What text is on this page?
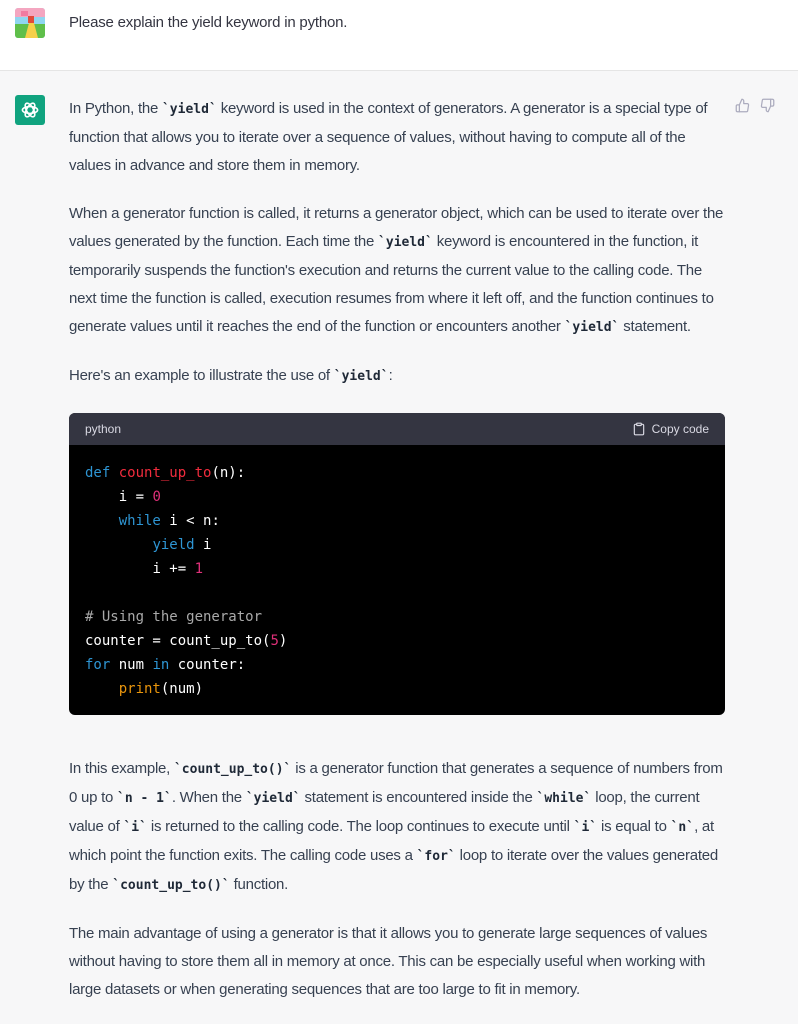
Please explain the yield keyword in python.

In Python, the `yield` keyword is used in the context of generators. A generator is a special type of function that allows you to iterate over a sequence of values, without having to compute all of the values in advance and store them in memory.

When a generator function is called, it returns a generator object, which can be used to iterate over the values generated by the function. Each time the `yield` keyword is encountered in the function, it temporarily suspends the function's execution and returns the current value to the calling code. The next time the function is called, execution resumes from where it left off, and the function continues to generate values until it reaches the end of the function or encounters another `yield` statement.

Here's an example to illustrate the use of `yield`:

python	Copy code
def count_up_to(n):
i = 0
while i < n:
yield i
i += 1

# Using the generator
counter = count_up_to(5)
for num in counter:
print(num)

In this example, `count_up_to()` is a generator function that generates a sequence of numbers from 0 up to `n - 1`. When the `yield` statement is encountered inside the `while` loop, the current value of `i` is returned to the calling code. The loop continues to execute until `i` is equal to `n`, at which point the function exits. The calling code uses a `for` loop to iterate over the values generated by the `count_up_to()` function.

The main advantage of using a generator is that it allows you to generate large sequences of values without having to store them all in memory at once. This can be especially useful when working with large datasets or when generating sequences that are too large to fit in memory.
